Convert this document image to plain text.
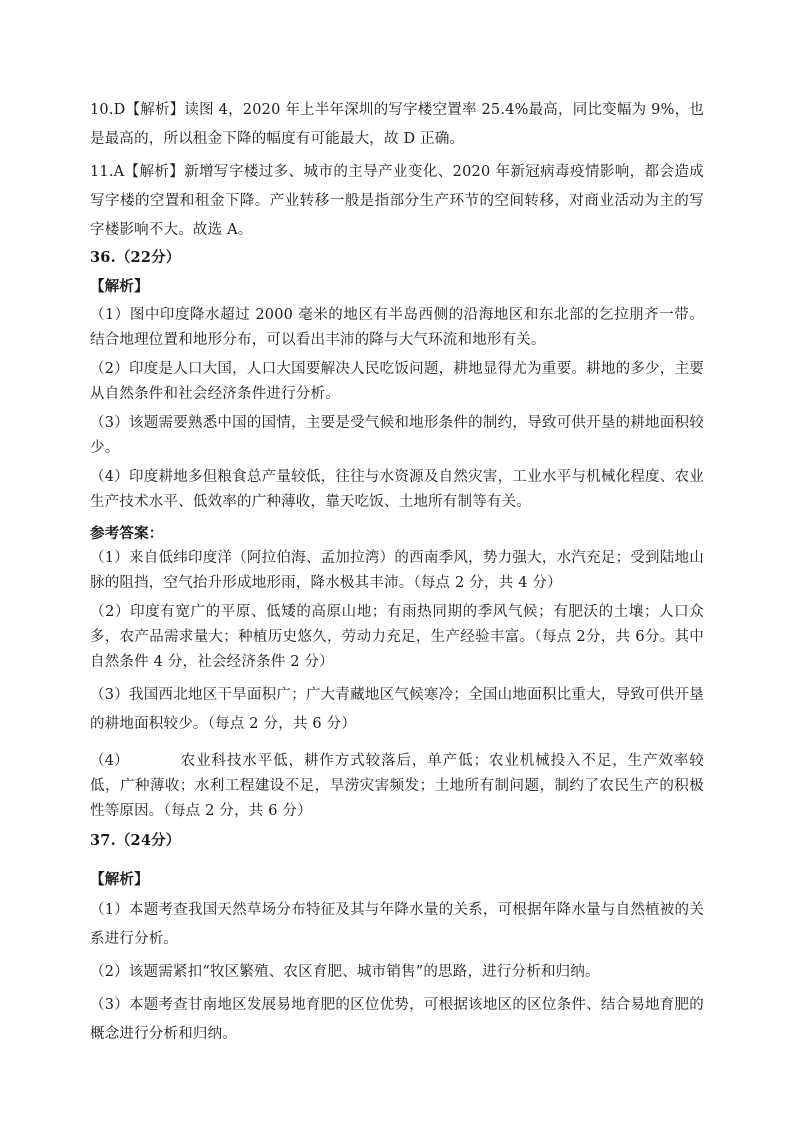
10.D【解析】读图 4，2020 年上半年深圳的写字楼空置率 25.4%最高，同比变幅为 9%，也是最高的，所以租金下降的幅度有可能最大，故 D 正确。

11.A【解析】新增写字楼过多、城市的主导产业变化、2020 年新冠病毒疫情影响，都会造成写字楼的空置和租金下降。产业转移一般是指部分生产环节的空间转移，对商业活动为主的写字楼影响不大。故选 A。

36.（22分）

【解析】

（1）图中印度降水超过 2000 毫米的地区有半岛西侧的沿海地区和东北部的乞拉朋齐一带。结合地理位置和地形分布，可以看出丰沛的降与大气环流和地形有关。

（2）印度是人口大国，人口大国要解决人民吃饭问题，耕地显得尤为重要。耕地的多少，主要从自然条件和社会经济条件进行分析。

（3）该题需要熟悉中国的国情，主要是受气候和地形条件的制约，导致可供开垦的耕地面积较少。

（4）印度耕地多但粮食总产量较低，往往与水资源及自然灾害，工业水平与机械化程度、农业生产技术水平、低效率的广种薄收，靠天吃饭、土地所有制等有关。

参考答案：

（1）来自低纬印度洋（阿拉伯海、孟加拉湾）的西南季风，势力强大，水汽充足；受到陆地山脉的阻挡，空气抬升形成地形雨，降水极其丰沛。（每点 2 分，共 4 分）

（2）印度有宽广的平原、低矮的高原山地；有雨热同期的季风气候；有肥沃的土壤；人口众多，农产品需求量大；种植历史悠久，劳动力充足，生产经验丰富。（每点 2分，共 6分。其中自然条件 4 分，社会经济条件 2 分）

（3）我国西北地区干旱面积广；广大青藏地区气候寒冷；全国山地面积比重大，导致可供开垦的耕地面积较少。（每点 2 分，共 6 分）

（4）	农业科技水平低，耕作方式较落后，单产低；农业机械投入不足，生产效率较低，广种薄收；水利工程建设不足，旱涝灾害频发；土地所有制问题，制约了农民生产的积极性等原因。（每点 2 分，共 6 分）

37.（24分）

【解析】

（1）本题考查我国天然草场分布特征及其与年降水量的关系，可根据年降水量与自然植被的关系进行分析。

（2）该题需紧扣“牧区繁殖、农区育肥、城市销售”的思路，进行分析和归纳。

（3）本题考查甘南地区发展易地育肥的区位优势，可根据该地区的区位条件、结合易地育肥的概念进行分析和归纳。
